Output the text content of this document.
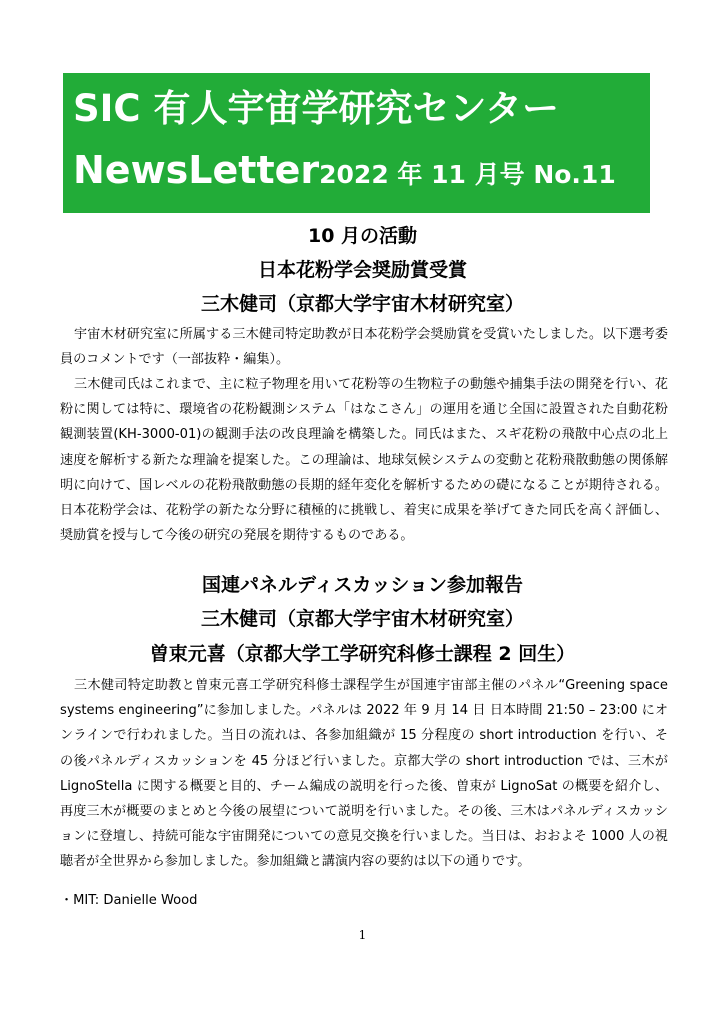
SIC 有人宇宙学研究センター
NewsLetter2022 年 11 月号 No.11
10 月の活動
日本花粉学会奨励賞受賞
三木健司（京都大学宇宙木材研究室）

宇宙木材研究室に所属する三木健司特定助教が日本花粉学会奨励賞を受賞いたしました。以下選考委員のコメントです（一部抜粋・編集）。

三木健司氏はこれまで、主に粒子物理を用いて花粉等の生物粒子の動態や捕集手法の開発を行い、花粉に関しては特に、環境省の花粉観測システム「はなこさん」の運用を通じ全国に設置された自動花粉観測装置(KH-3000-01)の観測手法の改良理論を構築した。同氏はまた、スギ花粉の飛散中心点の北上速度を解析する新たな理論を提案した。この理論は、地球気候システムの変動と花粉飛散動態の関係解明に向けて、国レベルの花粉飛散動態の長期的経年変化を解析するための礎になることが期待される。日本花粉学会は、花粉学の新たな分野に積極的に挑戦し、着実に成果を挙げてきた同氏を高く評価し、奨励賞を授与して今後の研究の発展を期待するものである。

国連パネルディスカッション参加報告
三木健司（京都大学宇宙木材研究室）
曽束元喜（京都大学工学研究科修士課程 2 回生）

三木健司特定助教と曽束元喜工学研究科修士課程学生が国連宇宙部主催のパネル“Greening space systems engineering”に参加しました。パネルは 2022 年 9 月 14 日 日本時間 21:50 – 23:00 にオンラインで行われました。当日の流れは、各参加組織が 15 分程度の short introduction を行い、その後パネルディスカッションを 45 分ほど行いました。京都大学の short introduction では、三木が LignoStella に関する概要と目的、チーム編成の説明を行った後、曽束が LignoSat の概要を紹介し、再度三木が概要のまとめと今後の展望について説明を行いました。その後、三木はパネルディスカッションに登壇し、持続可能な宇宙開発についての意見交換を行いました。当日は、おおよそ 1000 人の視聴者が全世界から参加しました。参加組織と講演内容の要約は以下の通りです。

・MIT: Danielle Wood
1
